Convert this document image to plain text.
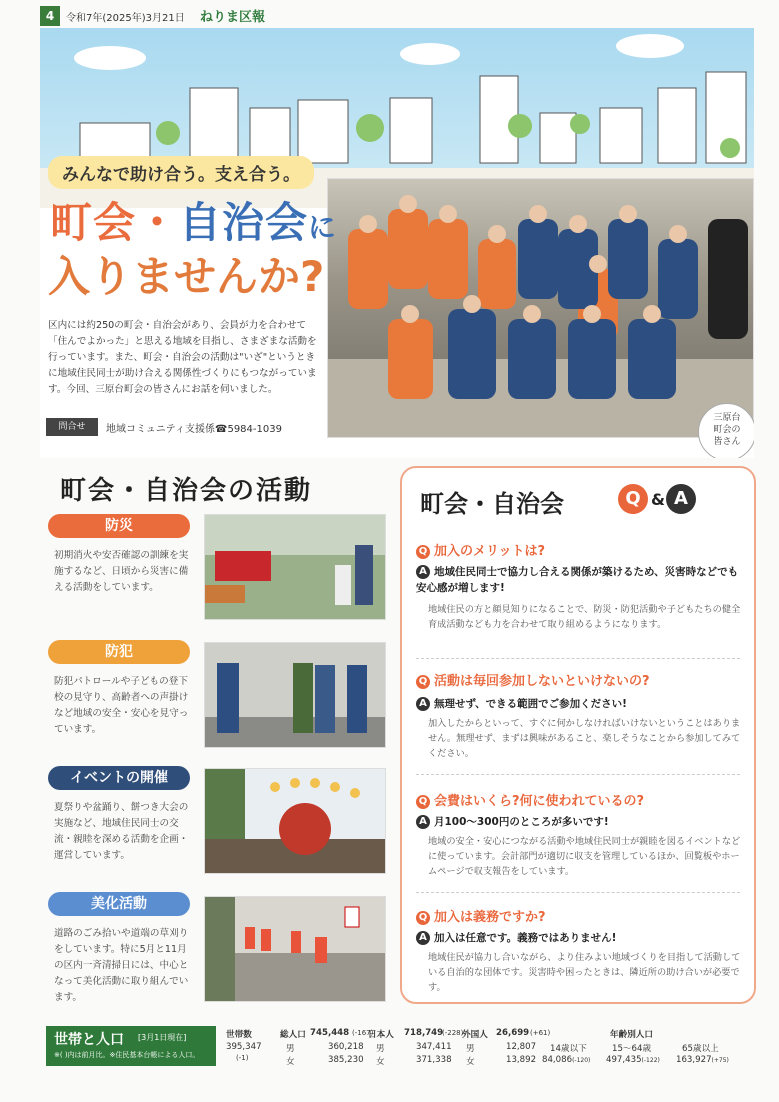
4	令和7年(2025年)3月21日 ねりま区報
みんなで助け合う。支え合う。
町会・自治会に
入りませんか?
区内には約250の町会・自治会があり、会員が力を合わせて「住んでよかった」と思える地域を目指し、さまざまな活動を行っています。また、町会・自治会の活動は"いざ"というときに地域住民同士が助け合える関係性づくりにもつながっています。今回、三原台町会の皆さんにお話を伺いました。
問合せ	地域コミュニティ支援係☎5984-1039
三原台
町会の
皆さん
町会・自治会の活動
防災
初期消火や安否確認の訓練を実施するなど、日頃から災害に備える活動をしています。
防犯
防犯パトロールや子どもの登下校の見守り、高齢者への声掛けなど地域の安全・安心を見守っています。
イベントの開催
夏祭りや盆踊り、餅つき大会の実施など、地域住民同士の交流・親睦を深める活動を企画・運営しています。
美化活動
道路のごみ拾いや道端の草刈りをしています。特に5月と11月の区内一斉清掃日には、中心となって美化活動に取り組んでいます。
町会・自治会	Q & A
Q 加入のメリットは?
A 地域住民同士で協力し合える関係が築けるため、災害時などでも安心感が増します!
地域住民の方と顔見知りになることで、防災・防犯活動や子どもたちの健全育成活動なども力を合わせて取り組めるようになります。
Q 活動は毎回参加しないといけないの?
A 無理せず、できる範囲でご参加ください!
加入したからといって、すぐに何かしなければいけないということはありません。無理せず、まずは興味があること、楽しそうなことから参加してみてください。
Q 会費はいくら?何に使われているの?
A 月100～300円のところが多いです!
地域の安全・安心につながる活動や地域住民同士が親睦を図るイベントなどに使っています。会計部門が適切に収支を管理しているほか、回覧板やホームページで収支報告をしています。
Q 加入は義務ですか?
A 加入は任意です。義務ではありません!
地域住民が協力し合いながら、より住みよい地域づくりを目指して活動している自治的な団体です。災害時や困ったときは、隣近所の助け合いが必要です。
世帯と人口 [3月1日現在]
※( )内は前月比。※住民基本台帳による人口。
世帯数
395,347
(-1)
総人口 745,448 (-167)
男	360,218
女	385,230
日本人 718,749
(-228)
男	347,411
女	371,338
外国人 26,699 (+61)
男	12,807
女	13,892
年齢別人口
14歳以下	15～64歳	65歳以上
84,086(-120) 497,435(-122) 163,927(+75)
